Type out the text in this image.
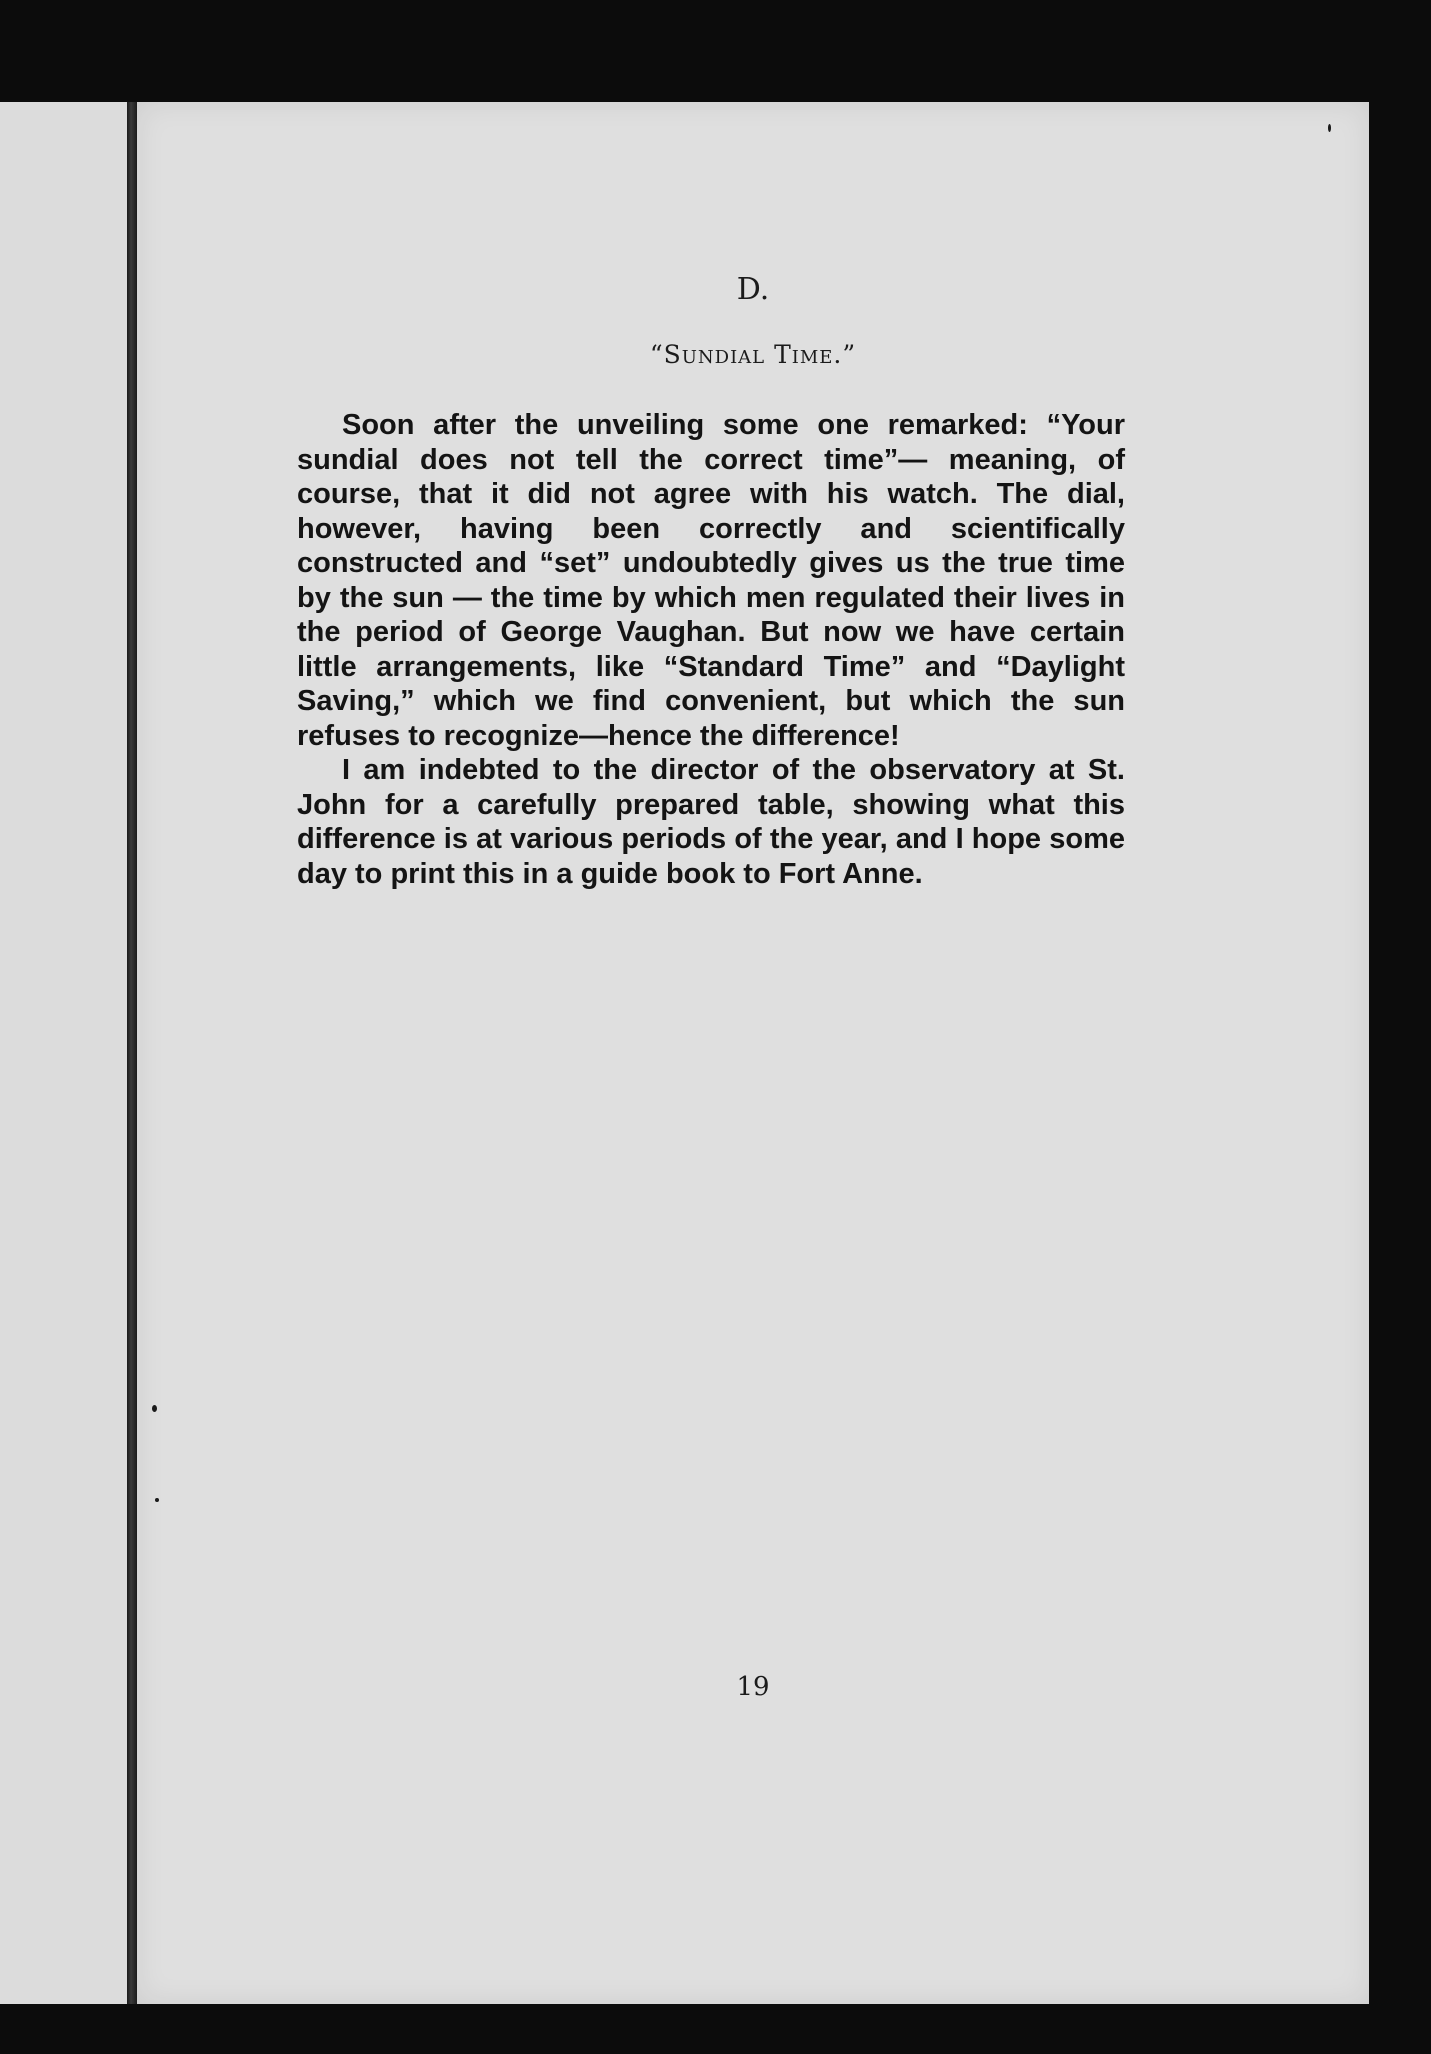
D.
“Sundial Time.”

Soon after the unveiling some one remarked: “Your sundial does not tell the correct time”— meaning, of course, that it did not agree with his watch. The dial, however, having been correctly and scientifically constructed and “set” undoubtedly gives us the true time by the sun — the time by which men regulated their lives in the period of George Vaughan. But now we have certain little arrangements, like “Standard Time” and “Daylight Saving,” which we find convenient, but which the sun refuses to recognize—hence the difference!

I am indebted to the director of the observatory at St. John for a carefully prepared table, showing what this difference is at various periods of the year, and I hope some day to print this in a guide book to Fort Anne.

19
